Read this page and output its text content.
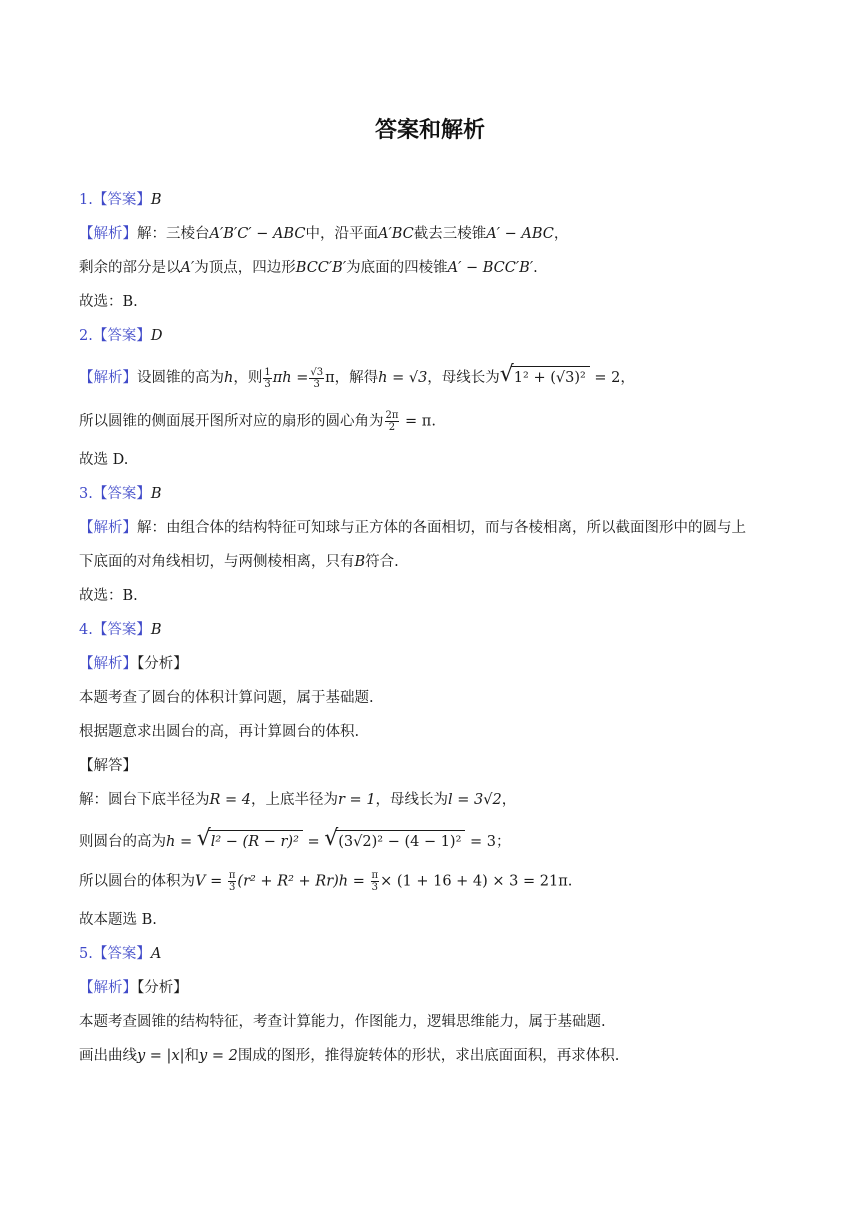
答案和解析
1.【答案】B
【解析】解：三棱台A′B′C′ − ABC中，沿平面A′BC截去三棱锥A′ − ABC，
剩余的部分是以A′为顶点，四边形BCC′B′为底面的四棱锥A′ − BCC′B′.
故选：B.
2.【答案】D
【解析】设圆锥的高为h，则 $\frac{1}{3}$ $\pi h = \frac{√3}{3}$ π，解得h = √3，母线长为 √ 1² + (√3)² = 2，
所以圆锥的侧面展开图所对应的扇形的圆心角为 $\frac{2\pi}{2} = \pi$.
故选 D.
3.【答案】B
【解析】解：由组合体的结构特征可知球与正方体的各面相切，而与各棱相离，所以截面图形中的圆与上
下底面的对角线相切，与两侧棱相离，只有B符合.
故选：B.
4.【答案】B
【解析】【分析】
本题考查了圆台的体积计算问题，属于基础题.
根据题意求出圆台的高，再计算圆台的体积.
【解答】
解：圆台下底半径为R = 4，上底半径为r = 1，母线长为l = 3√2，
则圆台的高为h = √ l² − (R − r)² = √ (3√2)² − (4 − 1)² = 3；
所以圆台的体积为$V = \frac{\pi}{3} (r^2 + R^2 + Rr)h = \frac{\pi}{3} \times (1 + 16 + 4) \times 3 = 21\pi$.
故本题选 B.
5.【答案】A
【解析】【分析】
本题考查圆锥的结构特征，考查计算能力，作图能力，逻辑思维能力，属于基础题.
画出曲线y = |x|和y = 2围成的图形，推得旋转体的形状，求出底面面积，再求体积.
